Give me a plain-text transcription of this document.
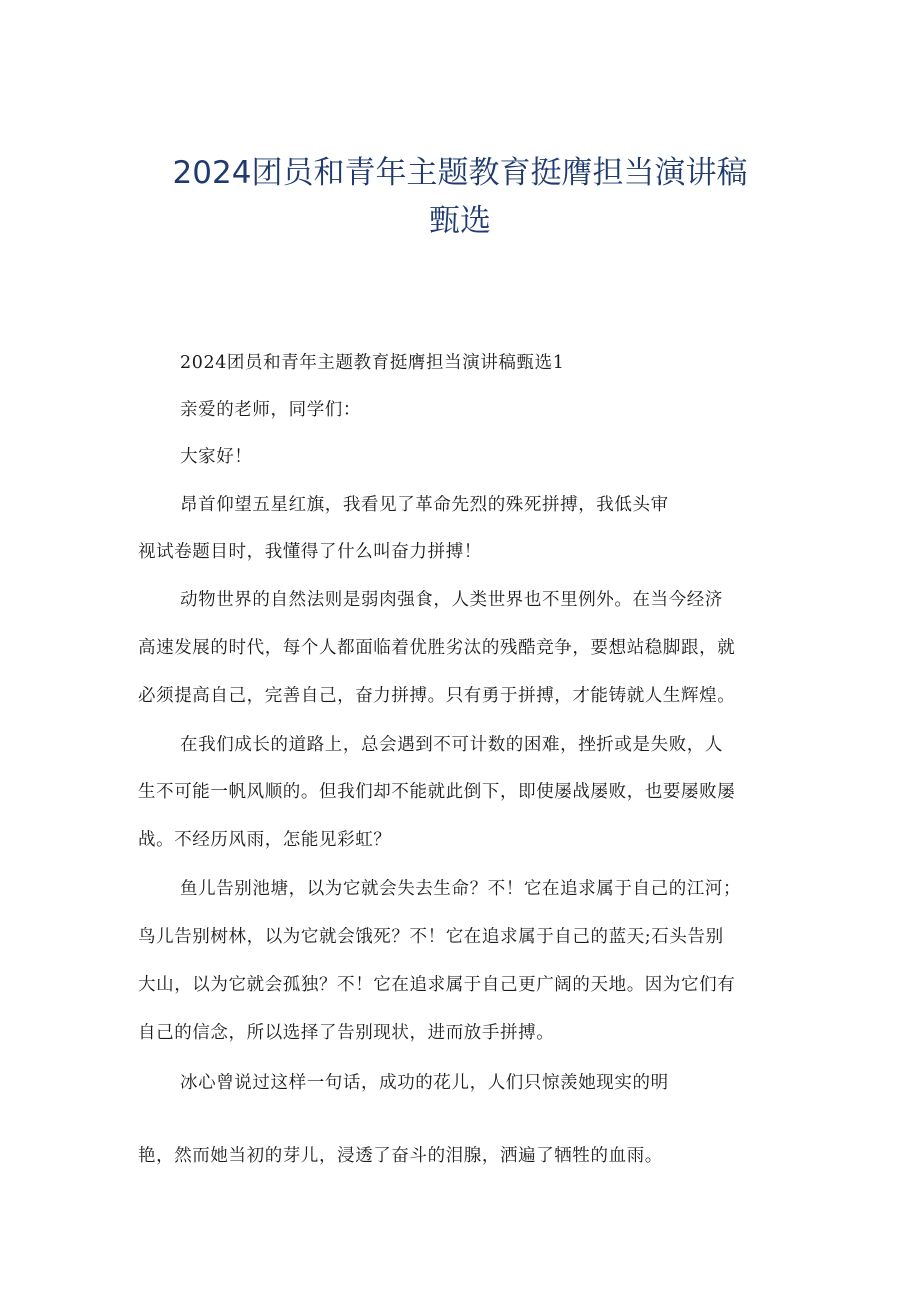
2024团员和青年主题教育挺膺担当演讲稿
甄选
2024团员和青年主题教育挺膺担当演讲稿甄选1
亲爱的老师，同学们：
大家好！
昂首仰望五星红旗，我看见了革命先烈的殊死拼搏，我低头审
视试卷题目时，我懂得了什么叫奋力拼搏！
动物世界的自然法则是弱肉强食，人类世界也不里例外。在当今经济
高速发展的时代，每个人都面临着优胜劣汰的残酷竞争，要想站稳脚跟，就
必须提高自己，完善自己，奋力拼搏。只有勇于拼搏，才能铸就人生辉煌。
在我们成长的道路上，总会遇到不可计数的困难，挫折或是失败，人
生不可能一帆风顺的。但我们却不能就此倒下，即使屡战屡败，也要屡败屡
战。不经历风雨，怎能见彩虹？
鱼儿告别池塘，以为它就会失去生命？不！它在追求属于自己的江河；
鸟儿告别树林，以为它就会饿死？不！它在追求属于自己的蓝天;石头告别
大山，以为它就会孤独？不！它在追求属于自己更广阔的天地。因为它们有
自己的信念，所以选择了告别现状，进而放手拼搏。
冰心曾说过这样一句话，成功的花儿，人们只惊羡她现实的明
艳，然而她当初的芽儿，浸透了奋斗的泪腺，洒遍了牺牲的血雨。
